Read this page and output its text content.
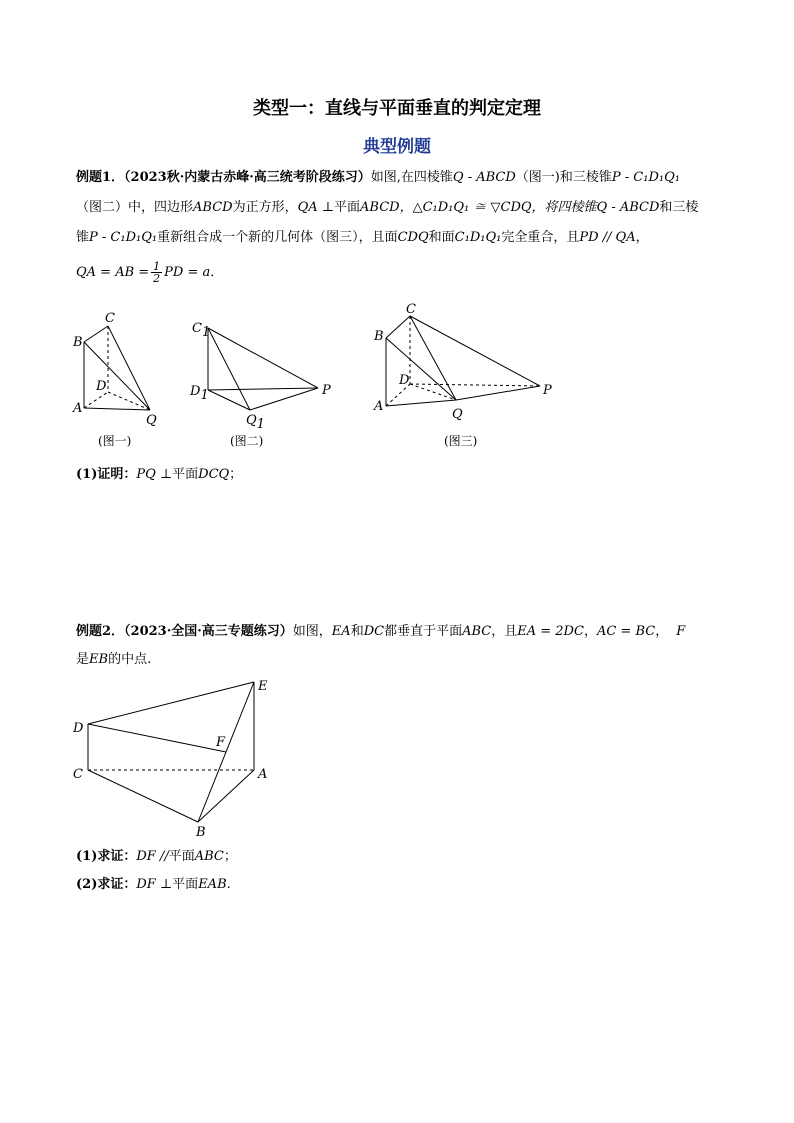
类型一：直线与平面垂直的判定定理
典型例题
例题1．（2023秋·内蒙古赤峰·高三统考阶段练习）如图,在四棱锥Q - ABCD（图一)和三棱锥P - C₁D₁Q₁
（图二）中，四边形ABCD为正方形，QA ⊥平面ABCD，△C₁D₁Q₁ ≅ ▽CDQ，将四棱锥Q - ABCD和三棱
锥P - C₁D₁Q₁重新组合成一个新的几何体（图三），且面CDQ和面C₁D₁Q₁完全重合，且PD // QA，
QA = AB = $\frac{1}{2}$ PD = a．
C
B
D
A
Q
(图一)
C1
D1	P
Q1
(图二)
C
B
D
A
Q
P
(图三)
(1)证明：PQ ⊥平面DCQ；
例题2．（2023·全国·高三专题练习）如图，EA和DC都垂直于平面ABC，且EA = 2DC，AC = BC， F
是EB的中点.
E
D
F
C	A
B
(1)求证：DF //平面ABC；
(2)求证：DF ⊥平面EAB.
